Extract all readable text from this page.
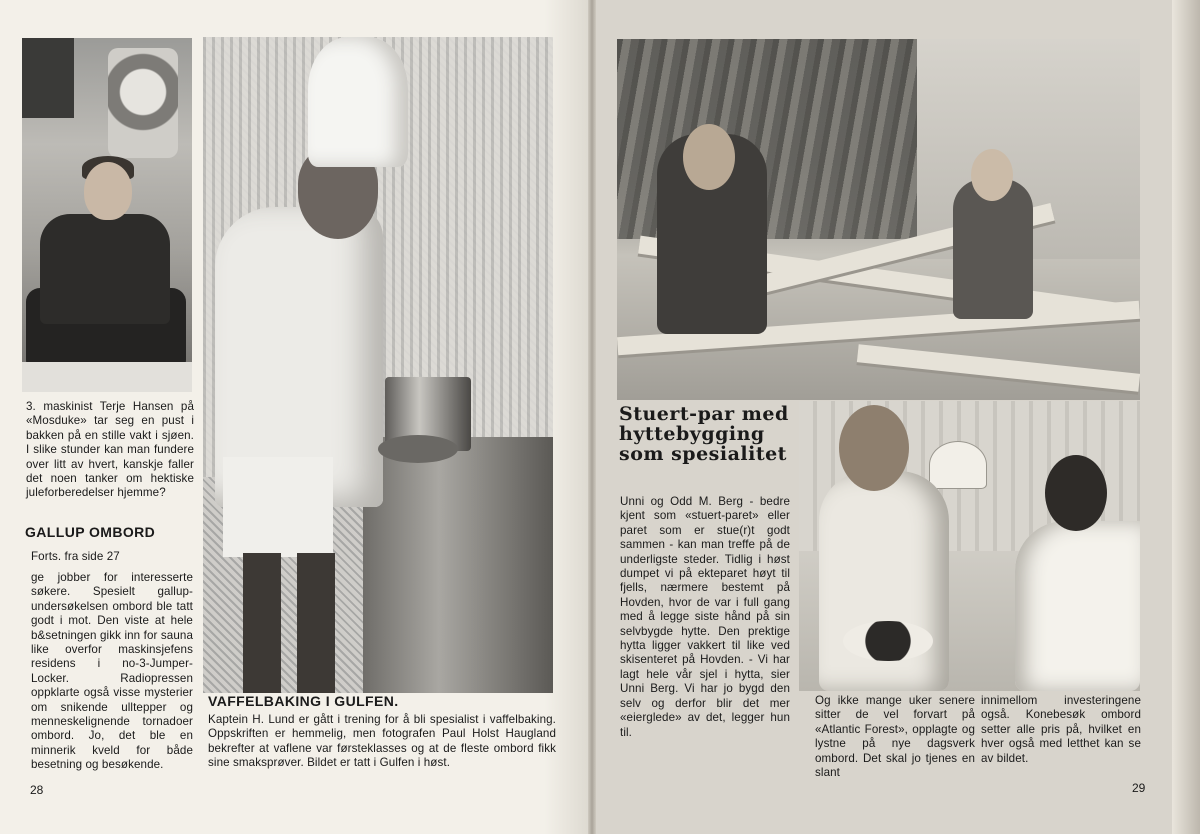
3. maskinist Terje Hansen på «Mosduke» tar seg en pust i bakken på en stille vakt i sjøen. I slike stunder kan man fundere over litt av hvert, kanskje faller det noen tanker om hektiske juleforberedelser hjemme?

GALLUP OMBORD

Forts. fra side 27

ge jobber for interesserte søkere. Spesielt gallup-undersøkelsen ombord ble tatt godt i mot. Den viste at hele b&setningen gikk inn for sauna like overfor maskinsjefens residens i no-3-Jumper-Locker. Radiopressen oppklarte også visse mysterier om snikende ulltepper og menneskelignende tornadoer ombord. Jo, det ble en minnerik kveld for både besetning og besøkende.

VAFFELBAKING I GULFEN.

Kaptein H. Lund er gått i trening for å bli spesialist i vaffelbaking. Oppskriften er hemmelig, men fotografen Paul Holst Haugland bekrefter at vaflene var førsteklasses og at de fleste ombord fikk sine smaksprøver. Bildet er tatt i Gulfen i høst.

28
Stuert-par med hyttebygging som spesialitet

Unni og Odd M. Berg - bedre kjent som «stuert-paret» eller paret som er stue(r)t godt sammen - kan man treffe på de underligste steder. Tidlig i høst dumpet vi på ekteparet høyt til fjells, nærmere bestemt på Hovden, hvor de var i full gang med å legge siste hånd på sin selvbygde hytte. Den prektige hytta ligger vakkert til like ved skisenteret på Hovden. - Vi har lagt hele vår sjel i hytta, sier Unni Berg. Vi har jo bygd den selv og derfor blir det mer «eierglede» av det, legger hun til.

Og ikke mange uker senere sitter de vel forvart på «Atlantic Forest», opplagte og lystne på nye dagsverk ombord. Det skal jo tjenes en slant

innimellom investeringene også. Konebesøk ombord setter alle pris på, hvilket en hver også med letthet kan se av bildet.

29
